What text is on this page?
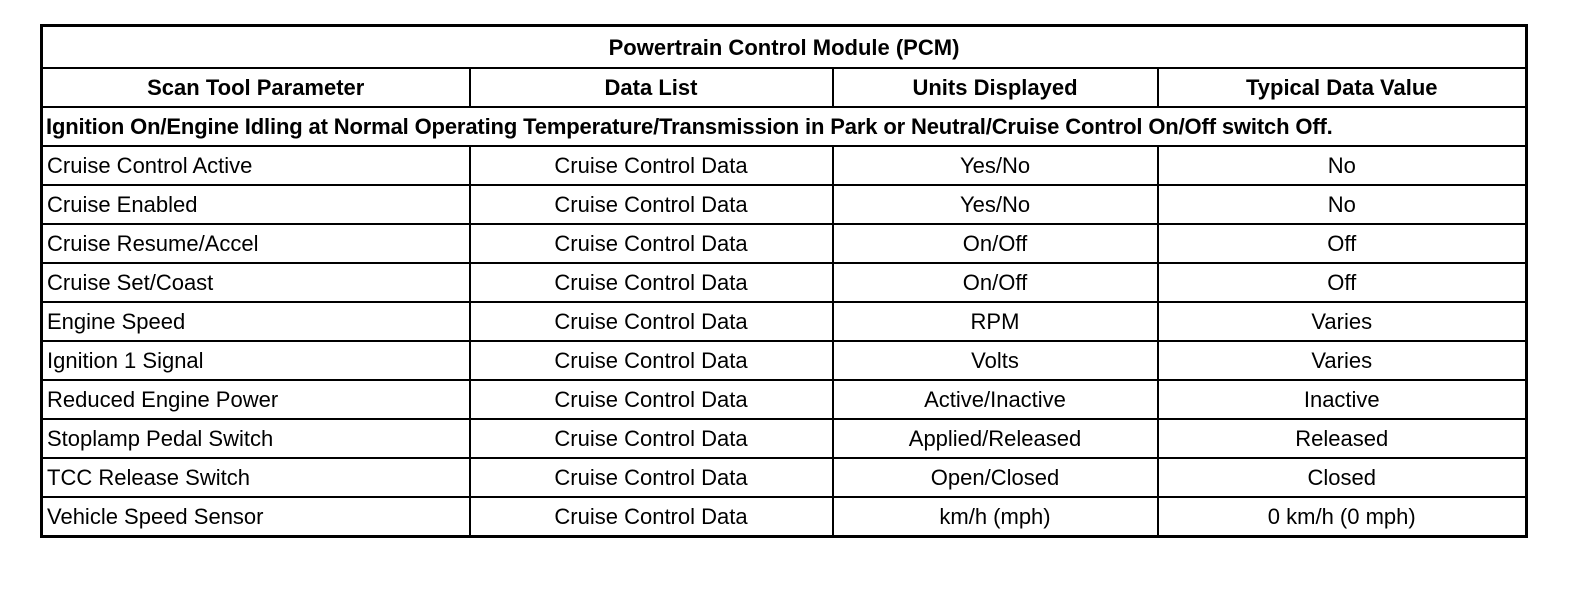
Powertrain Control Module (PCM)			
Scan Tool Parameter	Data List	Units Displayed	Typical Data Value
Ignition On/Engine Idling at Normal Operating Temperature/Transmission in Park or Neutral/Cruise Control On/Off switch Off.			
Cruise Control Active	Cruise Control Data	Yes/No	No
Cruise Enabled	Cruise Control Data	Yes/No	No
Cruise Resume/Accel	Cruise Control Data	On/Off	Off
Cruise Set/Coast	Cruise Control Data	On/Off	Off
Engine Speed	Cruise Control Data	RPM	Varies
Ignition 1 Signal	Cruise Control Data	Volts	Varies
Reduced Engine Power	Cruise Control Data	Active/Inactive	Inactive
Stoplamp Pedal Switch	Cruise Control Data	Applied/Released	Released
TCC Release Switch	Cruise Control Data	Open/Closed	Closed
Vehicle Speed Sensor	Cruise Control Data	km/h (mph)	0 km/h (0 mph)
